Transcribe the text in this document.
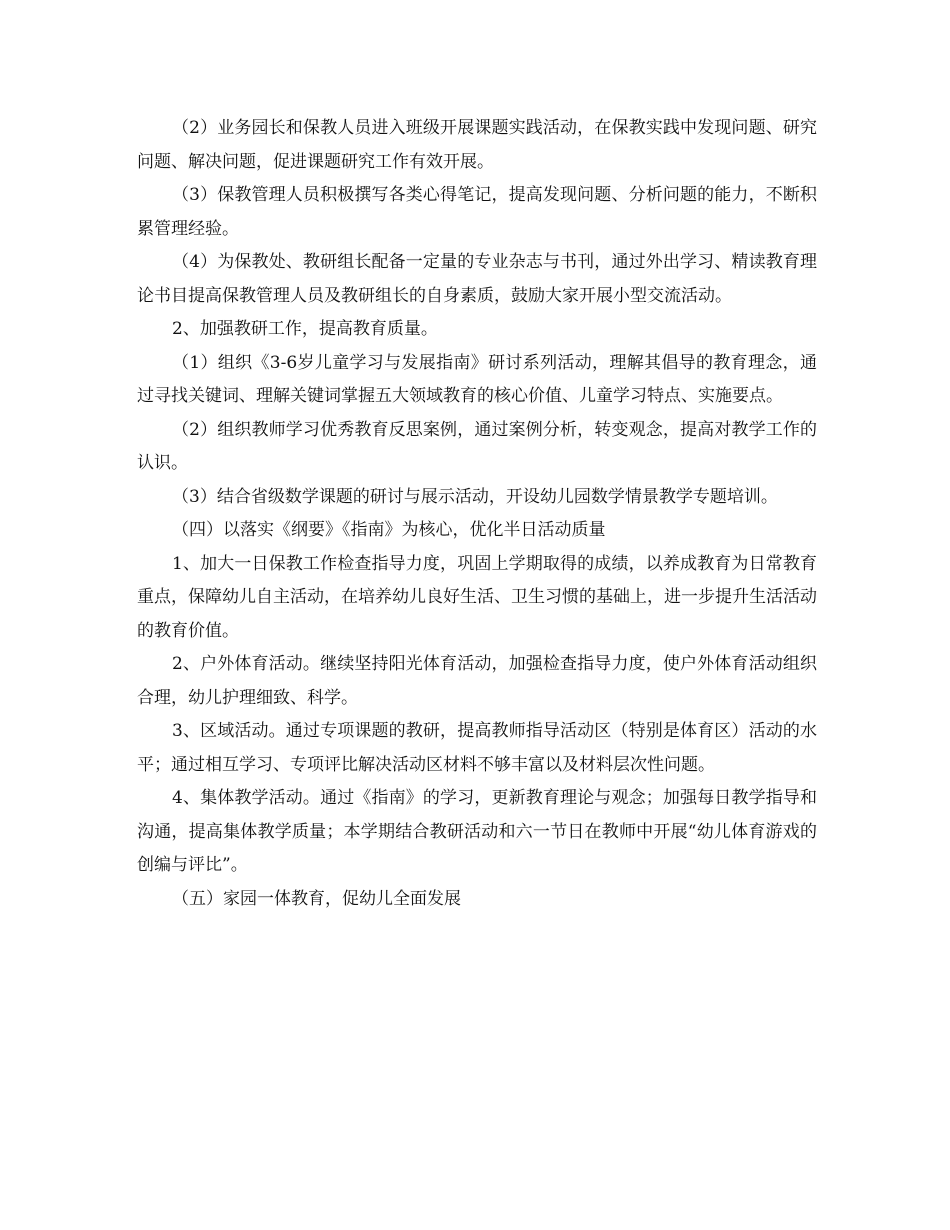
（2）业务园长和保教人员进入班级开展课题实践活动，在保教实践中发现问题、研究问题、解决问题，促进课题研究工作有效开展。

（3）保教管理人员积极撰写各类心得笔记，提高发现问题、分析问题的能力，不断积累管理经验。

（4）为保教处、教研组长配备一定量的专业杂志与书刊，通过外出学习、精读教育理论书目提高保教管理人员及教研组长的自身素质，鼓励大家开展小型交流活动。

2、加强教研工作，提高教育质量。

（1）组织《3-6岁儿童学习与发展指南》研讨系列活动，理解其倡导的教育理念，通过寻找关键词、理解关键词掌握五大领域教育的核心价值、儿童学习特点、实施要点。

（2）组织教师学习优秀教育反思案例，通过案例分析，转变观念，提高对教学工作的认识。

（3）结合省级数学课题的研讨与展示活动，开设幼儿园数学情景教学专题培训。

（四）以落实《纲要》《指南》为核心，优化半日活动质量

1、加大一日保教工作检查指导力度，巩固上学期取得的成绩，以养成教育为日常教育重点，保障幼儿自主活动，在培养幼儿良好生活、卫生习惯的基础上，进一步提升生活活动的教育价值。

2、户外体育活动。继续坚持阳光体育活动，加强检查指导力度，使户外体育活动组织合理，幼儿护理细致、科学。

3、区域活动。通过专项课题的教研，提高教师指导活动区（特别是体育区）活动的水平；通过相互学习、专项评比解决活动区材料不够丰富以及材料层次性问题。

4、集体教学活动。通过《指南》的学习，更新教育理论与观念；加强每日教学指导和沟通，提高集体教学质量；本学期结合教研活动和六一节日在教师中开展“幼儿体育游戏的创编与评比”。

（五）家园一体教育，促幼儿全面发展
